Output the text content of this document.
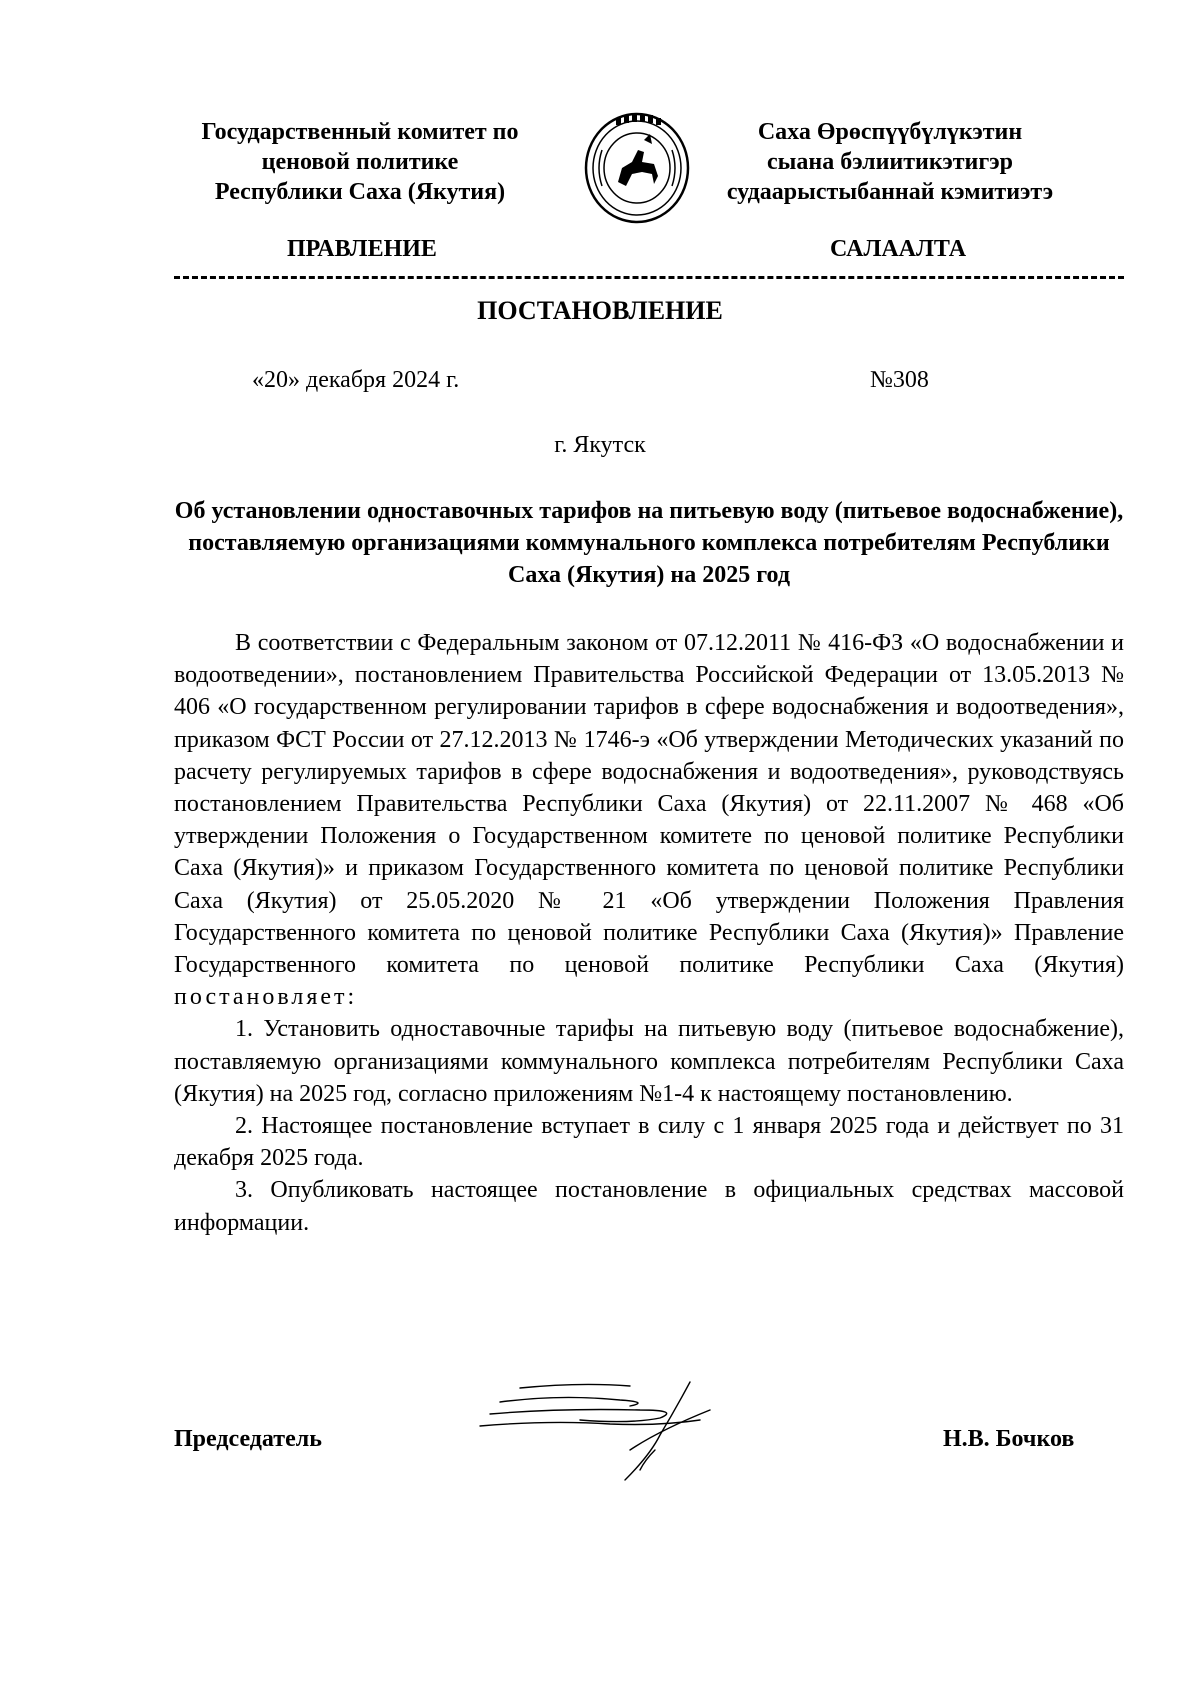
Государственный комитет по
ценовой политике
Республики Саха (Якутия)
Саха Өрөспүүбүлүкэтин
сыана бэлиитикэтигэр
судаарыстыбаннай кэмитиэтэ
ПРАВЛЕНИЕ	САЛААЛТА
ПОСТАНОВЛЕНИЕ
«20» декабря 2024 г.	№308
г. Якутск
Об установлении одноставочных тарифов на питьевую воду (питьевое водоснабжение), поставляемую организациями коммунального комплекса потребителям Республики Саха (Якутия) на 2025 год

В соответствии с Федеральным законом от 07.12.2011 № 416-ФЗ «О водоснабжении и водоотведении», постановлением Правительства Российской Федерации от 13.05.2013 № 406 «О государственном регулировании тарифов в сфере водоснабжения и водоотведения», приказом ФСТ России от 27.12.2013 № 1746-э «Об утверждении Методических указаний по расчету регулируемых тарифов в сфере водоснабжения и водоотведения», руководствуясь постановлением Правительства Республики Саха (Якутия) от 22.11.2007 № 468 «Об утверждении Положения о Государственном комитете по ценовой политике Республики Саха (Якутия)» и приказом Государственного комитета по ценовой политике Республики Саха (Якутия) от 25.05.2020 № 21 «Об утверждении Положения Правления Государственного комитета по ценовой политике Республики Саха (Якутия)» Правление Государственного комитета по ценовой политике Республики Саха (Якутия) постановляет:

1. Установить одноставочные тарифы на питьевую воду (питьевое водоснабжение), поставляемую организациями коммунального комплекса потребителям Республики Саха (Якутия) на 2025 год, согласно приложениям №1-4 к настоящему постановлению.

2. Настоящее постановление вступает в силу с 1 января 2025 года и действует по 31 декабря 2025 года.

3. Опубликовать настоящее постановление в официальных средствах массовой информации.

Председатель	Н.В. Бочков
